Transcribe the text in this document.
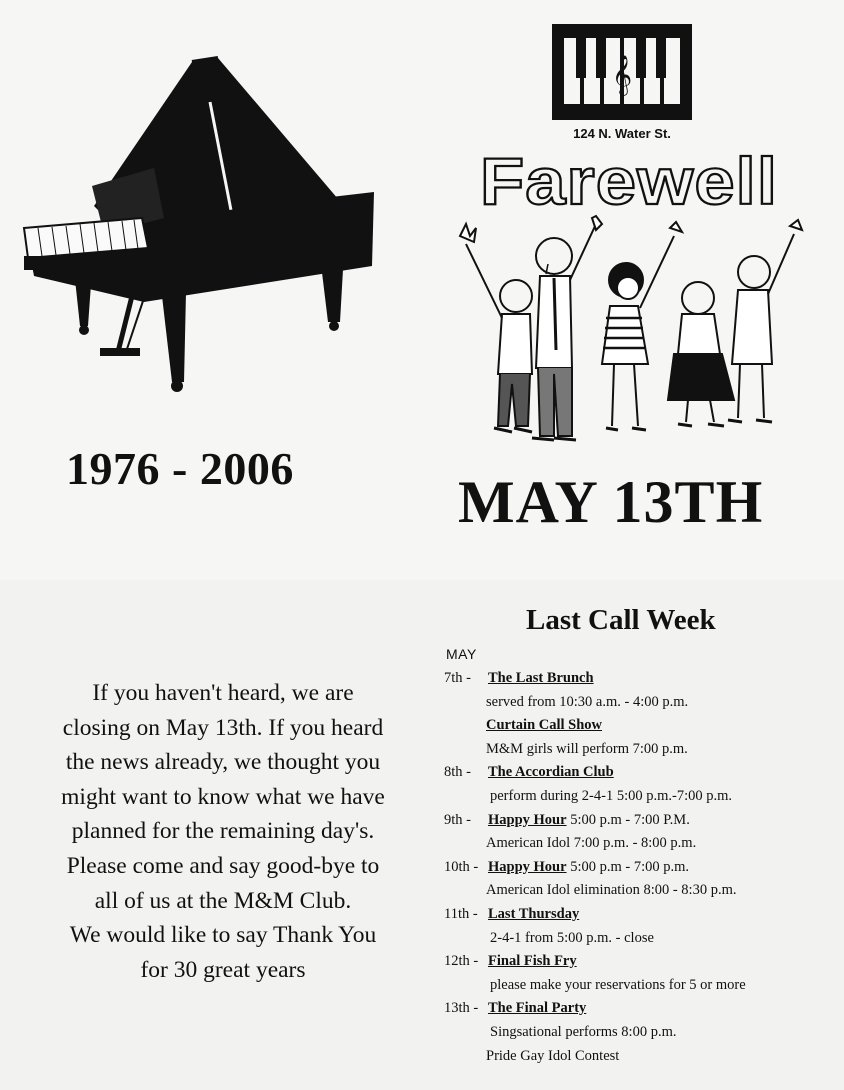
1976 - 2006
𝄞
124 N. Water St.
Farewell
MAY 13TH
If you haven't heard, we are
closing on May 13th. If you heard
the news already, we thought you
might want to know what we have
planned for the remaining day's.
Please come and say good-bye to
all of us at the M&M Club.
We would like to say Thank You
for 30 great years
Last Call Week
MAY
7th - The Last Brunch
served from 10:30 a.m. - 4:00 p.m.
Curtain Call Show
M&M girls will perform 7:00 p.m.
8th - The Accordian Club
perform during 2-4-1 5:00 p.m.-7:00 p.m.
9th - Happy Hour 5:00 p.m - 7:00 P.M.
American Idol 7:00 p.m. - 8:00 p.m.
10th - Happy Hour 5:00 p.m - 7:00 p.m.
American Idol elimination 8:00 - 8:30 p.m.
11th - Last Thursday
2-4-1 from 5:00 p.m. - close
12th - Final Fish Fry
please make your reservations for 5 or more
13th - The Final Party
Singsational performs 8:00 p.m.
Pride Gay Idol Contest
